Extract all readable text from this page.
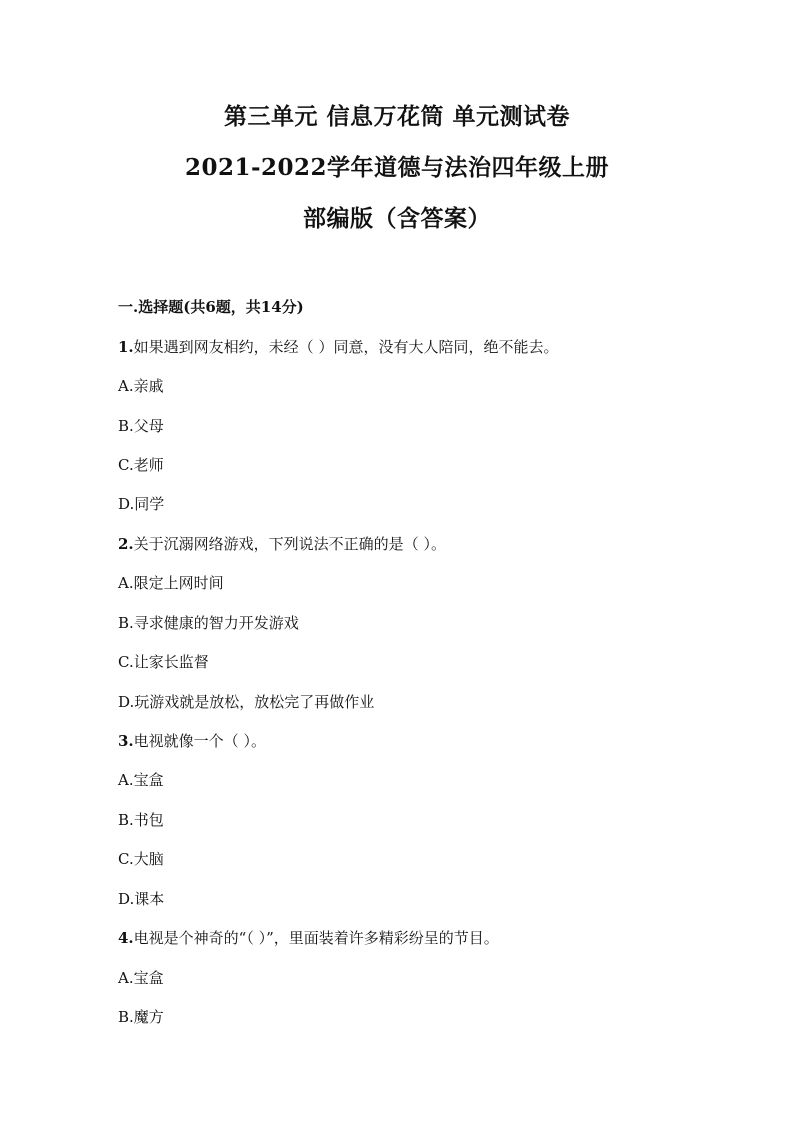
第三单元 信息万花筒 单元测试卷
2021-2022学年道德与法治四年级上册
部编版（含答案）
一.选择题(共6题，共14分)
1.如果遇到网友相约，未经（ ）同意，没有大人陪同，绝不能去。
A.亲戚
B.父母
C.老师
D.同学
2.关于沉溺网络游戏，下列说法不正确的是（ ）。
A.限定上网时间
B.寻求健康的智力开发游戏
C.让家长监督
D.玩游戏就是放松，放松完了再做作业
3.电视就像一个（ ）。
A.宝盒
B.书包
C.大脑
D.课本
4.电视是个神奇的“（ ）”，里面装着许多精彩纷呈的节目。
A.宝盒
B.魔方
